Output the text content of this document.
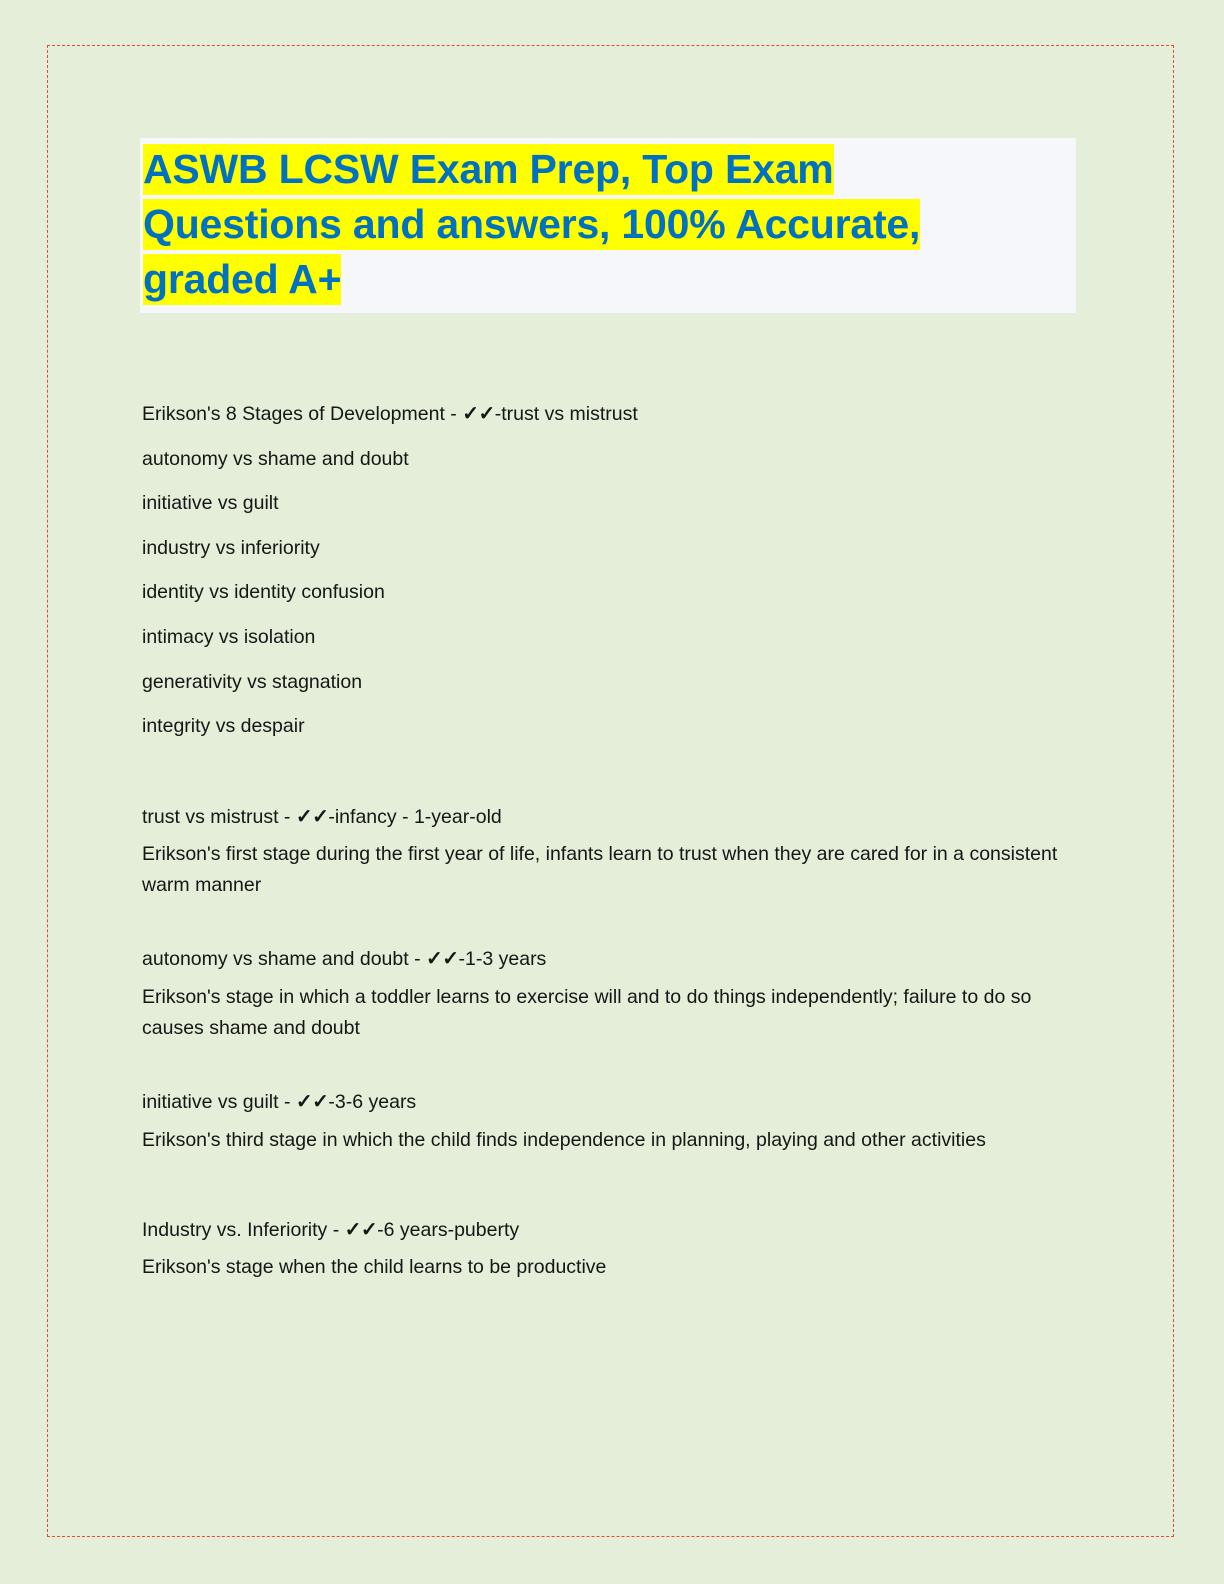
ASWB LCSW Exam Prep, Top Exam
Questions and answers, 100% Accurate,
graded A+
Erikson's 8 Stages of Development - ✓✓-trust vs mistrust
autonomy vs shame and doubt
initiative vs guilt
industry vs inferiority
identity vs identity confusion
intimacy vs isolation
generativity vs stagnation
integrity vs despair
trust vs mistrust - ✓✓-infancy - 1-year-old
Erikson's first stage during the first year of life, infants learn to trust when they are cared for in a consistent warm manner
autonomy vs shame and doubt - ✓✓-1-3 years
Erikson's stage in which a toddler learns to exercise will and to do things independently; failure to do so causes shame and doubt
initiative vs guilt - ✓✓-3-6 years
Erikson's third stage in which the child finds independence in planning, playing and other activities
Industry vs. Inferiority - ✓✓-6 years-puberty
Erikson's stage when the child learns to be productive
